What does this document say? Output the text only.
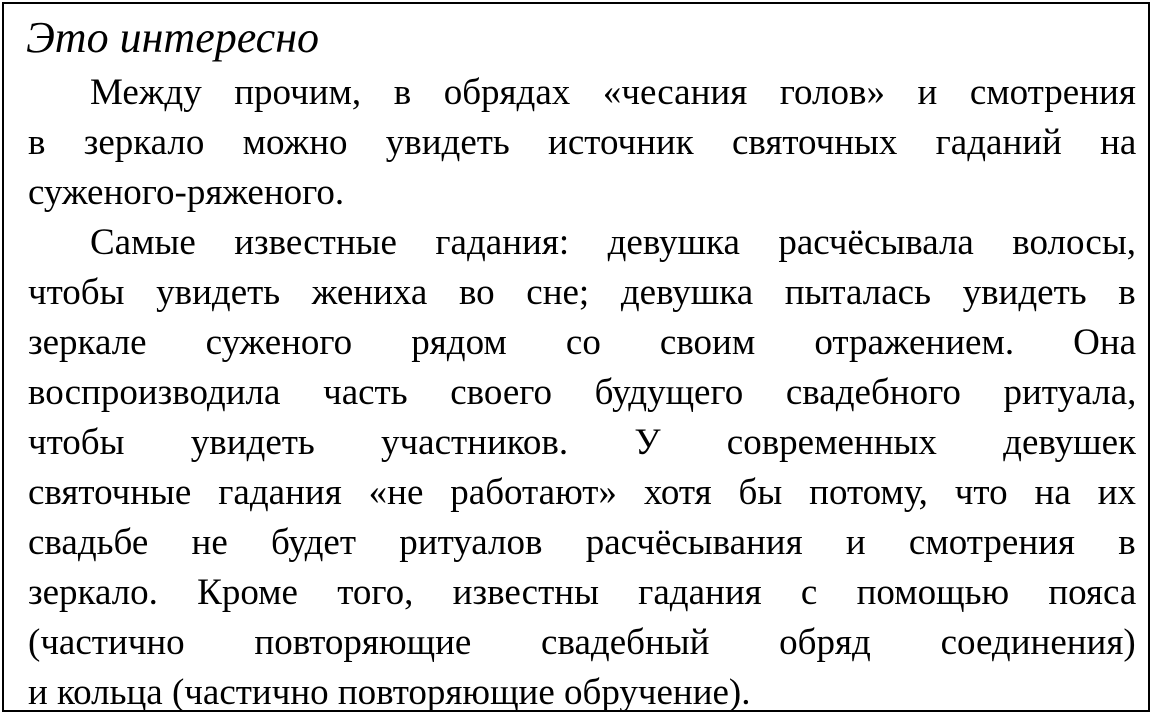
Это интересно

Между прочим, в обрядах «чесания голов» и смотрения

в зеркало можно увидеть источник святочных гаданий на

суженого-ряженого.

Самые известные гадания: девушка расчёсывала волосы,

чтобы увидеть жениха во сне; девушка пыталась увидеть в

зеркале суженого рядом со своим отражением. Она

воспроизводила часть своего будущего свадебного ритуала,

чтобы увидеть участников. У современных девушек

святочные гадания «не работают» хотя бы потому, что на их

свадьбе не будет ритуалов расчёсывания и смотрения в

зеркало. Кроме того, известны гадания с помощью пояса

(частично повторяющие свадебный обряд соединения)

и кольца (частично повторяющие обручение).
